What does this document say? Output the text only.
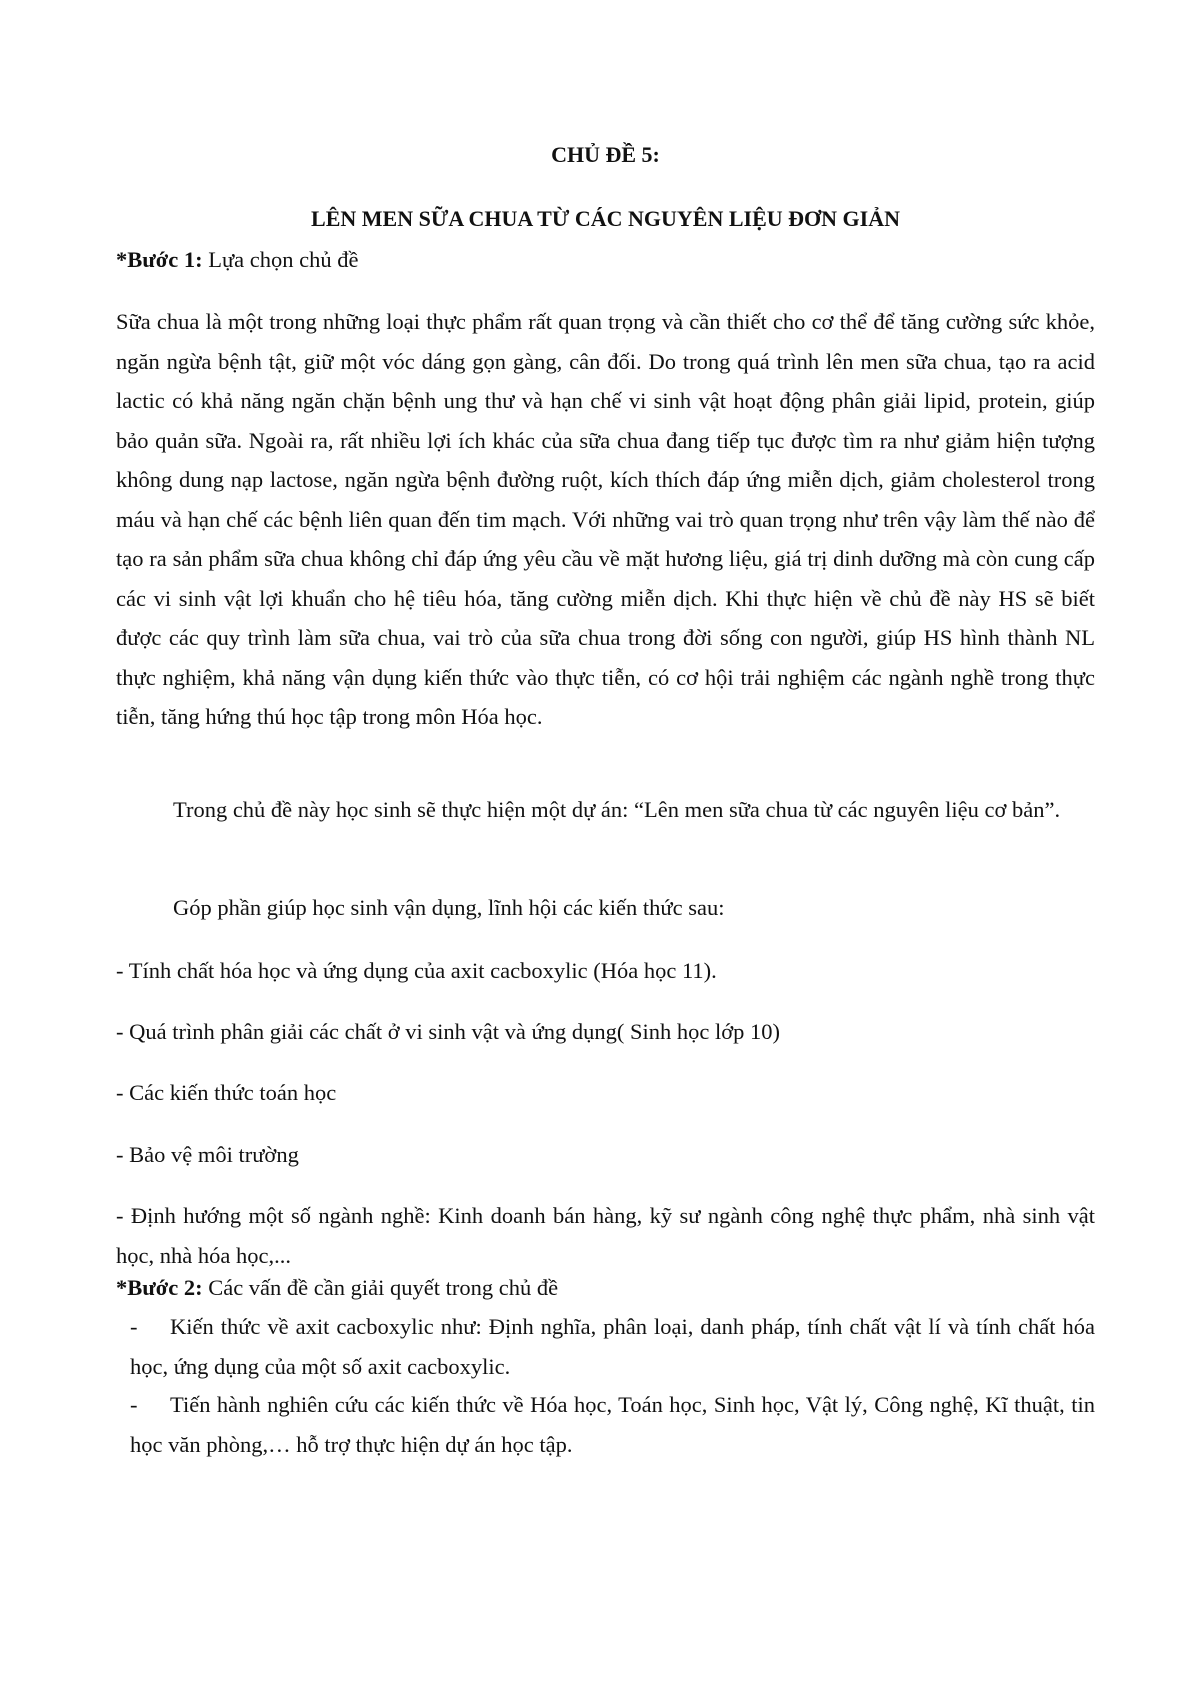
CHỦ ĐỀ 5:
LÊN MEN SỮA CHUA TỪ CÁC NGUYÊN LIỆU ĐƠN GIẢN

*Bước 1: Lựa chọn chủ đề

Sữa chua là một trong những loại thực phẩm rất quan trọng và cần thiết cho cơ thể để tăng cường sức khỏe, ngăn ngừa bệnh tật, giữ một vóc dáng gọn gàng, cân đối. Do trong quá trình lên men sữa chua, tạo ra acid lactic có khả năng ngăn chặn bệnh ung thư và hạn chế vi sinh vật hoạt động phân giải lipid, protein, giúp bảo quản sữa. Ngoài ra, rất nhiều lợi ích khác của sữa chua đang tiếp tục được tìm ra như giảm hiện tượng không dung nạp lactose, ngăn ngừa bệnh đường ruột, kích thích đáp ứng miễn dịch, giảm cholesterol trong máu và hạn chế các bệnh liên quan đến tim mạch. Với những vai trò quan trọng như trên vậy làm thế nào để tạo ra sản phẩm sữa chua không chỉ đáp ứng yêu cầu về mặt hương liệu, giá trị dinh dưỡng mà còn cung cấp các vi sinh vật lợi khuẩn cho hệ tiêu hóa, tăng cường miễn dịch. Khi thực hiện về chủ đề này HS sẽ biết được các quy trình làm sữa chua, vai trò của sữa chua trong đời sống con người, giúp HS hình thành NL thực nghiệm, khả năng vận dụng kiến thức vào thực tiễn, có cơ hội trải nghiệm các ngành nghề trong thực tiễn, tăng hứng thú học tập trong môn Hóa học.

Trong chủ đề này học sinh sẽ thực hiện một dự án: “Lên men sữa chua từ các nguyên liệu cơ bản”.

Góp phần giúp học sinh vận dụng, lĩnh hội các kiến thức sau:

- Tính chất hóa học và ứng dụng của axit cacboxylic (Hóa học 11).

- Quá trình phân giải các chất ở vi sinh vật và ứng dụng( Sinh học lớp 10)

- Các kiến thức toán học

- Bảo vệ môi trường

- Định hướng một số ngành nghề: Kinh doanh bán hàng, kỹ sư ngành công nghệ thực phẩm, nhà sinh vật học, nhà hóa học,...

*Bước 2: Các vấn đề cần giải quyết trong chủ đề

- Kiến thức về axit cacboxylic như: Định nghĩa, phân loại, danh pháp, tính chất vật lí và tính chất hóa học, ứng dụng của một số axit cacboxylic.

- Tiến hành nghiên cứu các kiến thức về Hóa học, Toán học, Sinh học, Vật lý, Công nghệ, Kĩ thuật, tin học văn phòng,… hỗ trợ thực hiện dự án học tập.
